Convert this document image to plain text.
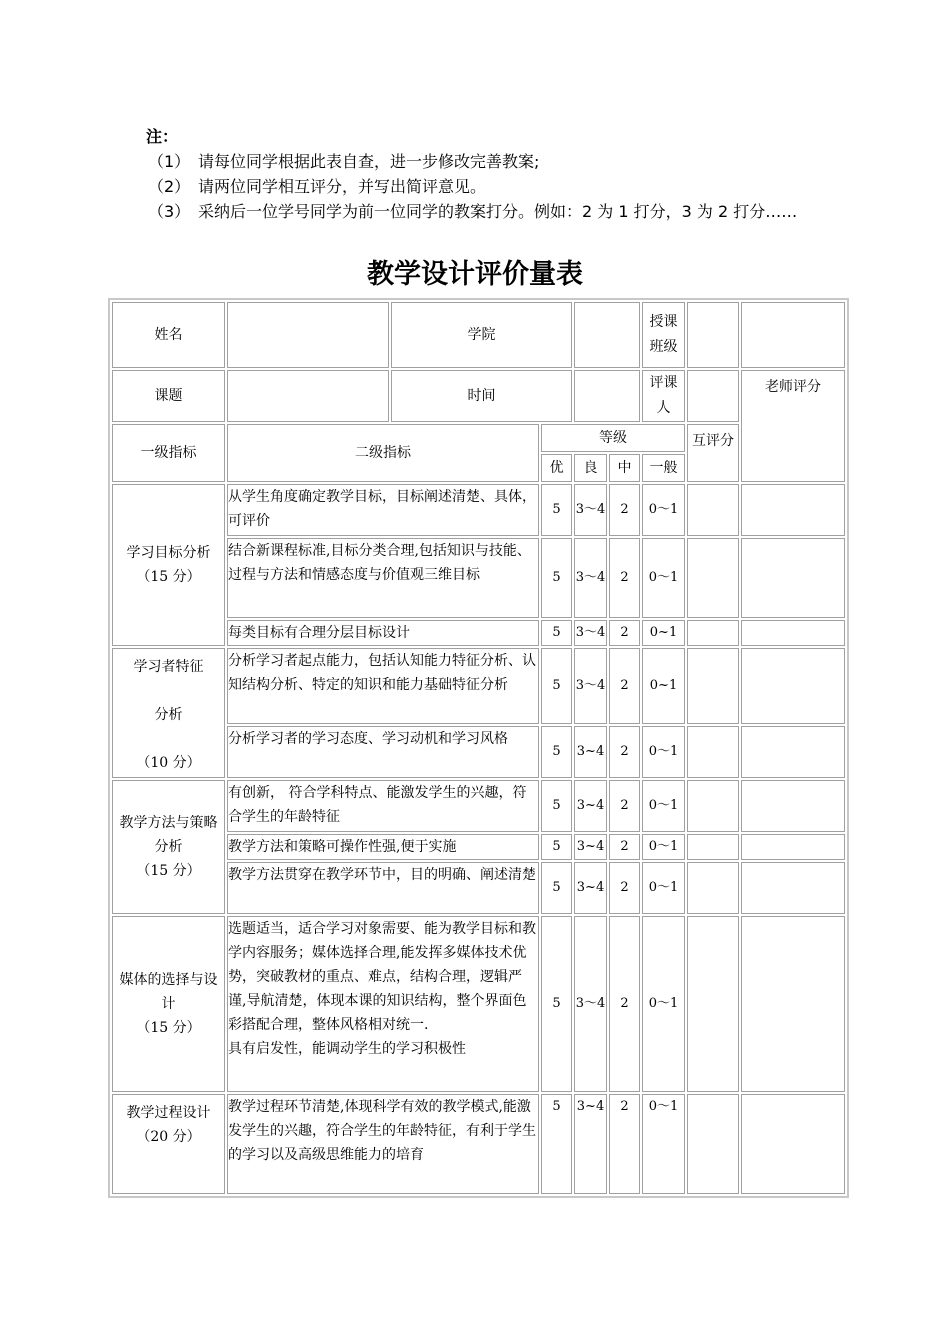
注：
（1） 请每位同学根据此表自查，进一步修改完善教案;
（2） 请两位同学相互评分，并写出简评意见。
（3） 采纳后一位学号同学为前一位同学的教案打分。例如：2 为 1 打分，3 为 2 打分……
教学设计评价量表
姓名		学院				授课班级		
课题		时间				评课人		老师评分
一级指标	二级指标		等级				互评分	
			优	良	中	一般		
学习目标分析
（15 分）	从学生角度确定教学目标，目标阐述清楚、具体，可评价		5	3～4	2	0～1		
	结合新课程标准,目标分类合理,包括知识与技能、过程与方法和情感态度与价值观三维目标		5	3～4	2	0～1		
	每类目标有合理分层目标设计		5	3～4	2	0~1		
学习者特征

分析

（10 分）	分析学习者起点能力，包括认知能力特征分析、认知结构分析、特定的知识和能力基础特征分析		5	3～4	2	0~1		
	分析学习者的学习态度、学习动机和学习风格		5	3~4	2	0～1		
教学方法与策略
分析
（15 分）	有创新， 符合学科特点、能激发学生的兴趣，符合学生的年龄特征		5	3~4	2	0～1		
	教学方法和策略可操作性强,便于实施		5	3~4	2	0～1		
	教学方法贯穿在教学环节中，目的明确、阐述清楚		5	3~4	2	0～1		
媒体的选择与设计
（15 分）	选题适当，适合学习对象需要、能为教学目标和教学内容服务；媒体选择合理,能发挥多媒体技术优势，突破教材的重点、难点，结构合理，逻辑严谨,导航清楚，体现本课的知识结构，整个界面色彩搭配合理，整体风格相对统一.
具有启发性，能调动学生的学习积极性		5	3～4	2	0～1		
教学过程设计
（20 分）	教学过程环节清楚,体现科学有效的教学模式,能激发学生的兴趣，符合学生的年龄特征，有利于学生的学习以及高级思维能力的培育		5	3~4	2	0～1		
